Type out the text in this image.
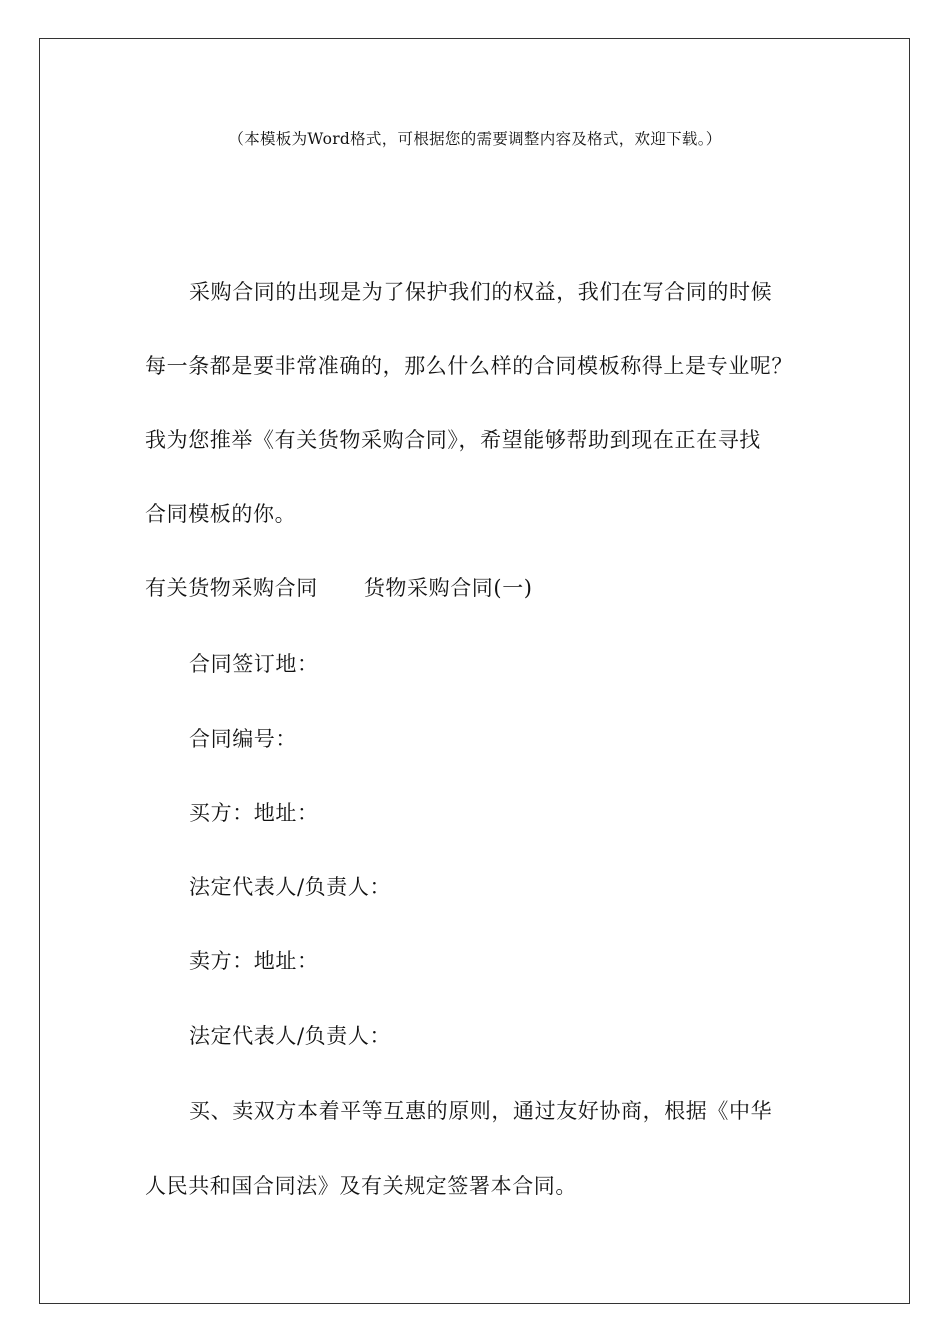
（本模板为Word格式，可根据您的需要调整内容及格式，欢迎下载。）
采购合同的出现是为了保护我们的权益，我们在写合同的时候
每一条都是要非常准确的，那么什么样的合同模板称得上是专业呢？
我为您推举《有关货物采购合同》，希望能够帮助到现在正在寻找
合同模板的你。
有关货物采购合同 货物采购合同(一)
合同签订地：
合同编号：
买方：地址：
法定代表人/负责人：
卖方：地址：
法定代表人/负责人：
买、卖双方本着平等互惠的原则，通过友好协商，根据《中华
人民共和国合同法》及有关规定签署本合同。
